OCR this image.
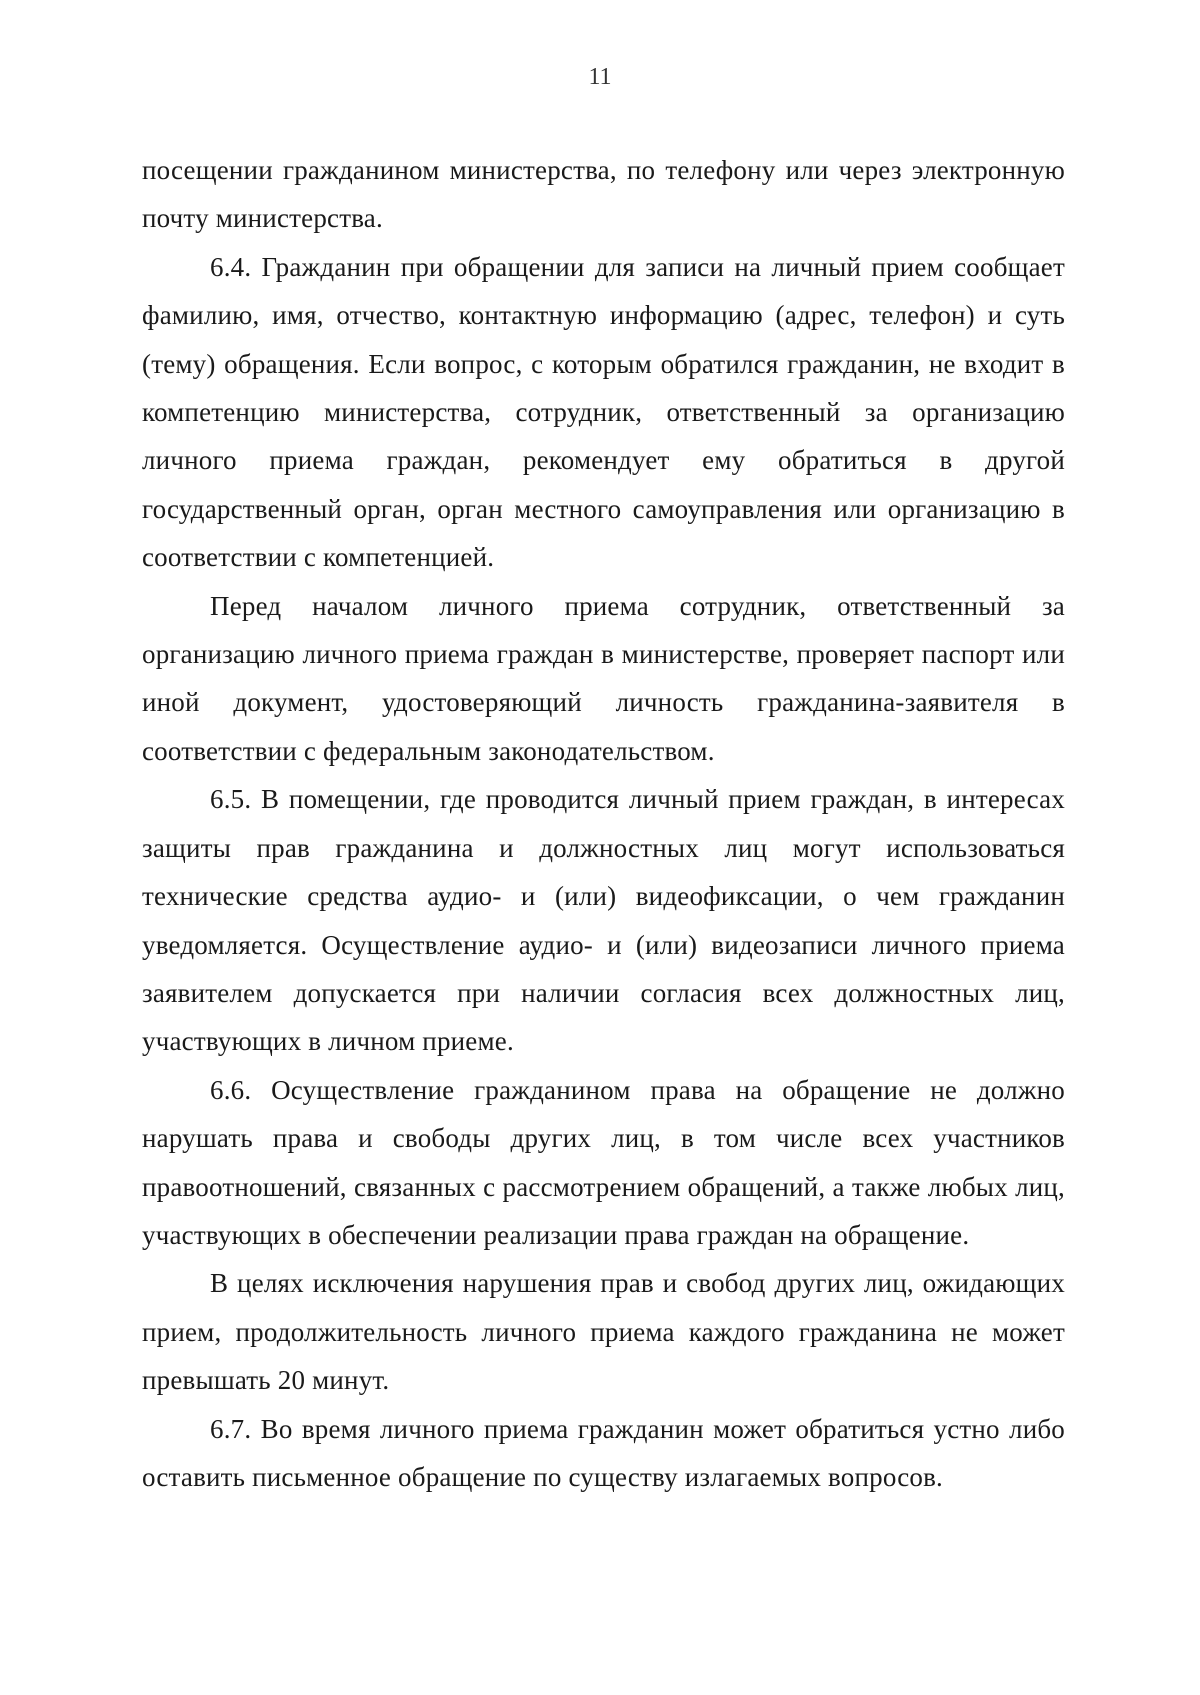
11

посещении гражданином министерства, по телефону или через электронную почту министерства.

6.4. Гражданин при обращении для записи на личный прием сообщает фамилию, имя, отчество, контактную информацию (адрес, телефон) и суть (тему) обращения. Если вопрос, с которым обратился гражданин, не входит в компетенцию министерства, сотрудник, ответственный за организацию личного приема граждан, рекомендует ему обратиться в другой государственный орган, орган местного самоуправления или организацию в соответствии с компетенцией.

Перед началом личного приема сотрудник, ответственный за организацию личного приема граждан в министерстве, проверяет паспорт или иной документ, удостоверяющий личность гражданина-заявителя в соответствии с федеральным законодательством.

6.5. В помещении, где проводится личный прием граждан, в интересах защиты прав гражданина и должностных лиц могут использоваться технические средства аудио- и (или) видеофиксации, о чем гражданин уведомляется. Осуществление аудио- и (или) видеозаписи личного приема заявителем допускается при наличии согласия всех должностных лиц, участвующих в личном приеме.

6.6. Осуществление гражданином права на обращение не должно нарушать права и свободы других лиц, в том числе всех участников правоотношений, связанных с рассмотрением обращений, а также любых лиц, участвующих в обеспечении реализации права граждан на обращение.

В целях исключения нарушения прав и свобод других лиц, ожидающих прием, продолжительность личного приема каждого гражданина не может превышать 20 минут.

6.7. Во время личного приема гражданин может обратиться устно либо оставить письменное обращение по существу излагаемых вопросов.
